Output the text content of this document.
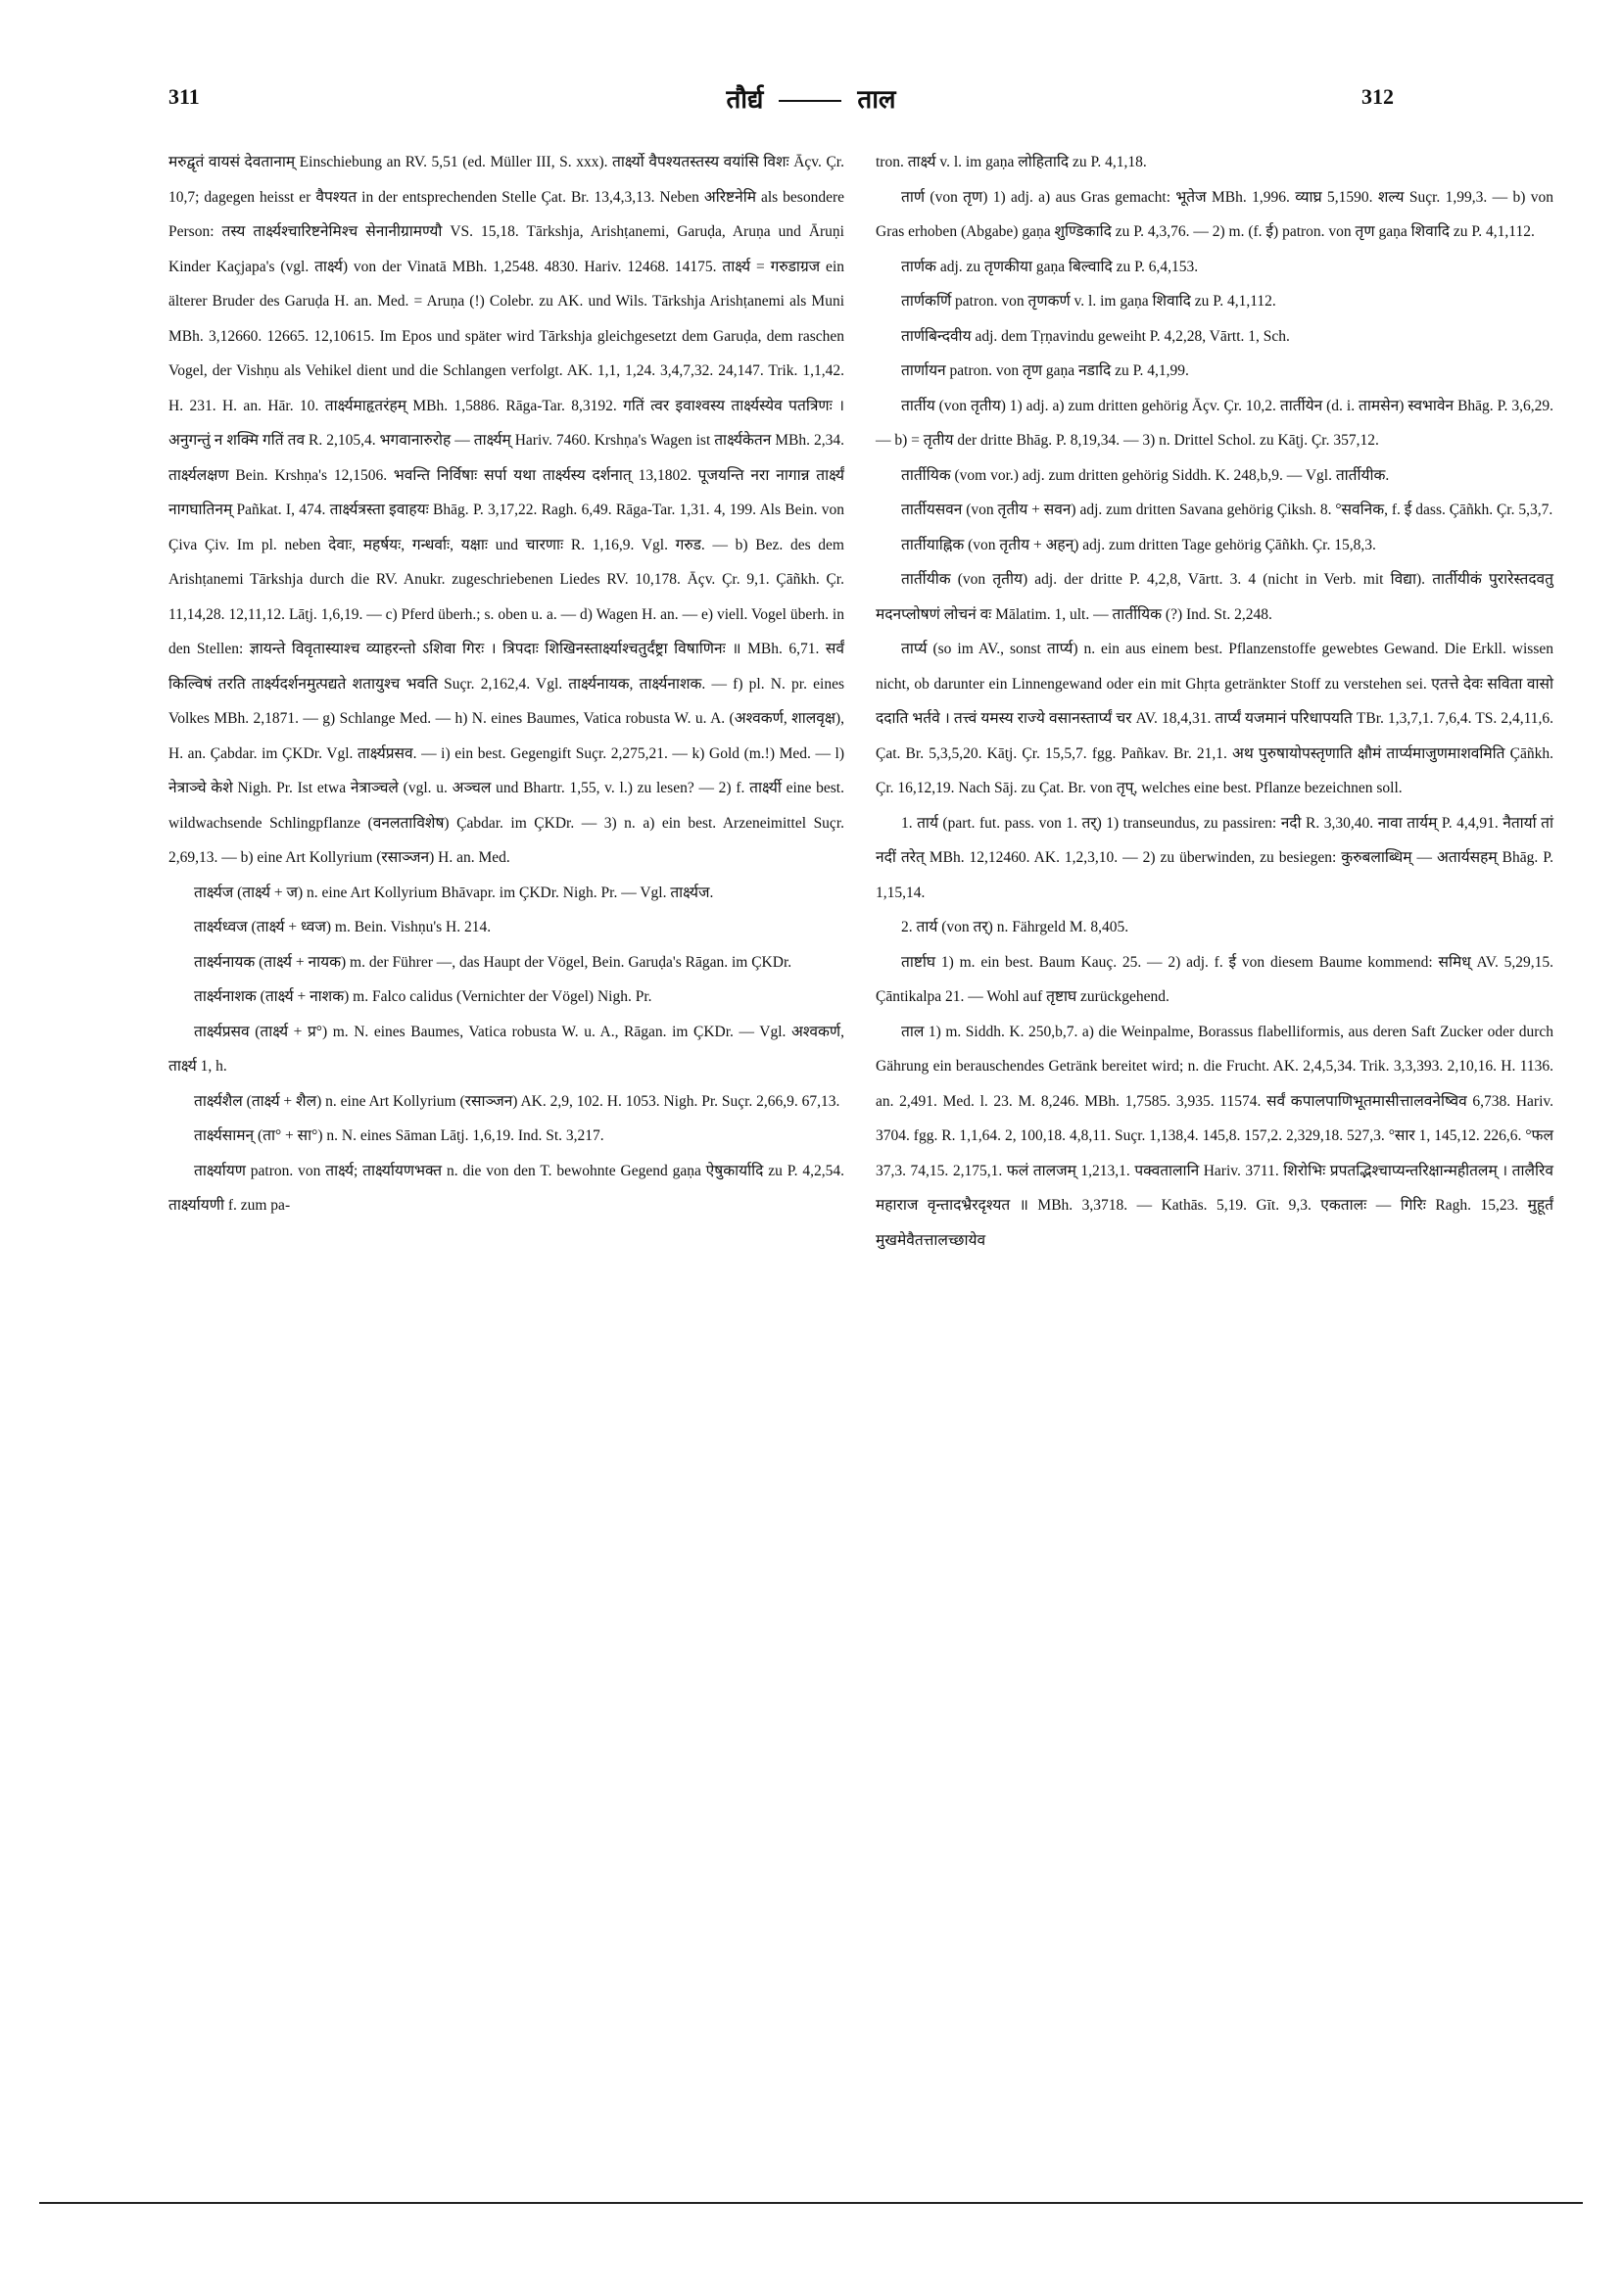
311	तौर्द्य	ताल	312

मरुद्वृतं वायसं देवतानाम् Einschiebung an RV. 5,51 (ed. Müller III, S. xxx). तार्क्ष्यो वैपश्यतस्तस्य वयांसि विशः Āçv. Çr. 10,7; dagegen heisst er वैपश्यत in der entsprechenden Stelle Çat. Br. 13,4,3,13. Neben अरिष्टनेमि als besondere Person: तस्य तार्क्ष्यश्चारिष्टनेमिश्च सेनानीग्रामण्यौ VS. 15,18. Tārkshja, Arishṭanemi, Garuḍa, Aruṇa und Āruṇi Kinder Kaçjapa's (vgl. तार्क्ष्य) von der Vinatā MBh. 1,2548. 4830. Hariv. 12468. 14175. तार्क्ष्य = गरुडाग्रज ein älterer Bruder des Garuḍa H. an. Med. = Aruṇa (!) Colebr. zu AK. und Wils. Tārkshja Arishṭanemi als Muni MBh. 3,12660. 12665. 12,10615. Im Epos und später wird Tārkshja gleichgesetzt dem Garuḍa, dem raschen Vogel, der Vishṇu als Vehikel dient und die Schlangen verfolgt. AK. 1,1, 1,24. 3,4,7,32. 24,147. Trik. 1,1,42. H. 231. H. an. Hār. 10. तार्क्ष्यमाहृतरंहम् MBh. 1,5886. Rāga-Tar. 8,3192. गतिं त्वर इवाश्वस्य तार्क्ष्यस्येव पतत्रिणः । अनुगन्तुं न शक्मि गतिं तव R. 2,105,4. भगवानारुरोह — तार्क्ष्यम् Hariv. 7460. Krshṇa's Wagen ist तार्क्ष्यकेतन MBh. 2,34. तार्क्ष्यलक्षण Bein. Krshṇa's 12,1506. भवन्ति निर्विषाः सर्पा यथा तार्क्ष्यस्य दर्शनात् 13,1802. पूजयन्ति नरा नागान्न तार्क्ष्यं नागघातिनम् Pañkat. I, 474. तार्क्ष्यत्रस्ता इवाहयः Bhāg. P. 3,17,22. Ragh. 6,49. Rāga-Tar. 1,31. 4, 199. Als Bein. von Çiva Çiv. Im pl. neben देवाः, महर्षयः, गन्धर्वाः, यक्षाः und चारणाः R. 1,16,9. Vgl. गरुड. — b) Bez. des dem Arishṭanemi Tārkshja durch die RV. Anukr. zugeschriebenen Liedes RV. 10,178. Āçv. Çr. 9,1. Çāñkh. Çr. 11,14,28. 12,11,12. Lāṭj. 1,6,19. — c) Pferd überh.; s. oben u. a. — d) Wagen H. an. — e) viell. Vogel überh. in den Stellen: ज्ञायन्ते विवृतास्याश्च व्याहरन्तो ऽशिवा गिरः । त्रिपदाः शिखिनस्तार्क्ष्याश्चतुर्दंष्ट्रा विषाणिनः ॥ MBh. 6,71. सर्वं किल्विषं तरति तार्क्ष्यदर्शनमुत्पद्यते शतायुश्च भवति Suçr. 2,162,4. Vgl. तार्क्ष्यनायक, तार्क्ष्यनाशक. — f) pl. N. pr. eines Volkes MBh. 2,1871. — g) Schlange Med. — h) N. eines Baumes, Vatica robusta W. u. A. (अश्वकर्ण, शालवृक्ष), H. an. Çabdar. im ÇKDr. Vgl. तार्क्ष्यप्रसव. — i) ein best. Gegengift Suçr. 2,275,21. — k) Gold (m.!) Med. — l) नेत्राञ्चे केशे Nigh. Pr. Ist etwa नेत्राञ्चले (vgl. u. अञ्चल und Bhartr. 1,55, v. l.) zu lesen? — 2) f. तार्क्ष्यी eine best. wildwachsende Schlingpflanze (वनलताविशेष) Çabdar. im ÇKDr. — 3) n. a) ein best. Arzeneimittel Suçr. 2,69,13. — b) eine Art Kollyrium (रसाञ्जन) H. an. Med.

तार्क्ष्यज (तार्क्ष्य + ज) n. eine Art Kollyrium Bhāvapr. im ÇKDr. Nigh. Pr. — Vgl. तार्क्ष्यज.

तार्क्ष्यध्वज (तार्क्ष्य + ध्वज) m. Bein. Vishṇu's H. 214.

तार्क्ष्यनायक (तार्क्ष्य + नायक) m. der Führer —, das Haupt der Vögel, Bein. Garuḍa's Rāgan. im ÇKDr.

तार्क्ष्यनाशक (तार्क्ष्य + नाशक) m. Falco calidus (Vernichter der Vögel) Nigh. Pr.

तार्क्ष्यप्रसव (तार्क्ष्य + प्र°) m. N. eines Baumes, Vatica robusta W. u. A., Rāgan. im ÇKDr. — Vgl. अश्वकर्ण, तार्क्ष्य 1, h.

तार्क्ष्यशैल (तार्क्ष्य + शैल) n. eine Art Kollyrium (रसाञ्जन) AK. 2,9, 102. H. 1053. Nigh. Pr. Suçr. 2,66,9. 67,13.

तार्क्ष्यसामन् (ता° + सा°) n. N. eines Sāman Lāṭj. 1,6,19. Ind. St. 3,217.

तार्क्ष्यायण patron. von तार्क्ष्य; तार्क्ष्यायणभक्त n. die von den T. bewohnte Gegend gaṇa ऐषुकार्यादि zu P. 4,2,54. तार्क्ष्यायणी f. zum pa-

tron. तार्क्ष्य v. l. im gaṇa लोहितादि zu P. 4,1,18.

तार्ण (von तृण) 1) adj. a) aus Gras gemacht: भूतेज MBh. 1,996. व्याघ्र 5,1590. शल्य Suçr. 1,99,3. — b) von Gras erhoben (Abgabe) gaṇa शुण्डिकादि zu P. 4,3,76. — 2) m. (f. ई) patron. von तृण gaṇa शिवादि zu P. 4,1,112.

तार्णक adj. zu तृणकीया gaṇa बिल्वादि zu P. 6,4,153.

तार्णकर्णि patron. von तृणकर्ण v. l. im gaṇa शिवादि zu P. 4,1,112.

तार्णबिन्दवीय adj. dem Tṛṇavindu geweiht P. 4,2,28, Vārtt. 1, Sch.

तार्णायन patron. von तृण gaṇa नडादि zu P. 4,1,99.

तार्तीय (von तृतीय) 1) adj. a) zum dritten gehörig Āçv. Çr. 10,2. तार्तीयेन (d. i. तामसेन) स्वभावेन Bhāg. P. 3,6,29. — b) = तृतीय der dritte Bhāg. P. 8,19,34. — 3) n. Drittel Schol. zu Kāṭj. Çr. 357,12.

तार्तीयिक (vom vor.) adj. zum dritten gehörig Siddh. K. 248,b,9. — Vgl. तार्तीयीक.

तार्तीयसवन (von तृतीय + सवन) adj. zum dritten Savana gehörig Çiksh. 8. °सवनिक, f. ई dass. Çāñkh. Çr. 5,3,7.

तार्तीयाह्निक (von तृतीय + अहन्) adj. zum dritten Tage gehörig Çāñkh. Çr. 15,8,3.

तार्तीयीक (von तृतीय) adj. der dritte P. 4,2,8, Vārtt. 3. 4 (nicht in Verb. mit विद्या). तार्तीयीकं पुरारेस्तदवतु मदनप्लोषणं लोचनं वः Mālatim. 1, ult. — तार्तीयिक (?) Ind. St. 2,248.

तार्प्य (so im AV., sonst तार्प्य) n. ein aus einem best. Pflanzenstoffe gewebtes Gewand. Die Erkll. wissen nicht, ob darunter ein Linnengewand oder ein mit Ghṛta getränkter Stoff zu verstehen sei. एतत्ते देवः सविता वासो ददाति भर्तवे । तत्त्वं यमस्य राज्ये वसानस्तार्प्यं चर AV. 18,4,31. तार्प्यं यजमानं परिधापयति TBr. 1,3,7,1. 7,6,4. TS. 2,4,11,6. Çat. Br. 5,3,5,20. Kāṭj. Çr. 15,5,7. fgg. Pañkav. Br. 21,1. अथ पुरुषायोपस्तृणाति क्षौमं तार्प्यमाजुणमाशवमिति Çāñkh. Çr. 16,12,19. Nach Sāj. zu Çat. Br. von तृप्, welches eine best. Pflanze bezeichnen soll.

1. तार्य (part. fut. pass. von 1. तर्) 1) transeundus, zu passiren: नदी R. 3,30,40. नावा तार्यम् P. 4,4,91. नैतार्या तां नदीं तरेत् MBh. 12,12460. AK. 1,2,3,10. — 2) zu überwinden, zu besiegen: कुरुबलाब्धिम् — अतार्यसहम् Bhāg. P. 1,15,14.

2. तार्य (von तर्) n. Fährgeld M. 8,405.

तार्ष्टाघ 1) m. ein best. Baum Kauç. 25. — 2) adj. f. ई von diesem Baume kommend: समिध् AV. 5,29,15. Çāntikalpa 21. — Wohl auf तृष्टाघ zurückgehend.

ताल 1) m. Siddh. K. 250,b,7. a) die Weinpalme, Borassus flabelliformis, aus deren Saft Zucker oder durch Gährung ein berauschendes Getränk bereitet wird; n. die Frucht. AK. 2,4,5,34. Trik. 3,3,393. 2,10,16. H. 1136. an. 2,491. Med. l. 23. M. 8,246. MBh. 1,7585. 3,935. 11574. सर्वं कपालपाणिभूतमासीत्तालवनेष्विव 6,738. Hariv. 3704. fgg. R. 1,1,64. 2, 100,18. 4,8,11. Suçr. 1,138,4. 145,8. 157,2. 2,329,18. 527,3. °सार 1, 145,12. 226,6. °फल 37,3. 74,15. 2,175,1. फलं तालजम् 1,213,1. पक्वतालानि Hariv. 3711. शिरोभिः प्रपतद्भिश्चाप्यन्तरिक्षान्महीतलम् । तालैरिव महाराज वृन्तादभ्रैरदृश्यत ॥ MBh. 3,3718. — Kathās. 5,19. Gīt. 9,3. एकतालः — गिरिः Ragh. 15,23. मुहूर्तं मुखमेवैतत्तालच्छायेव
